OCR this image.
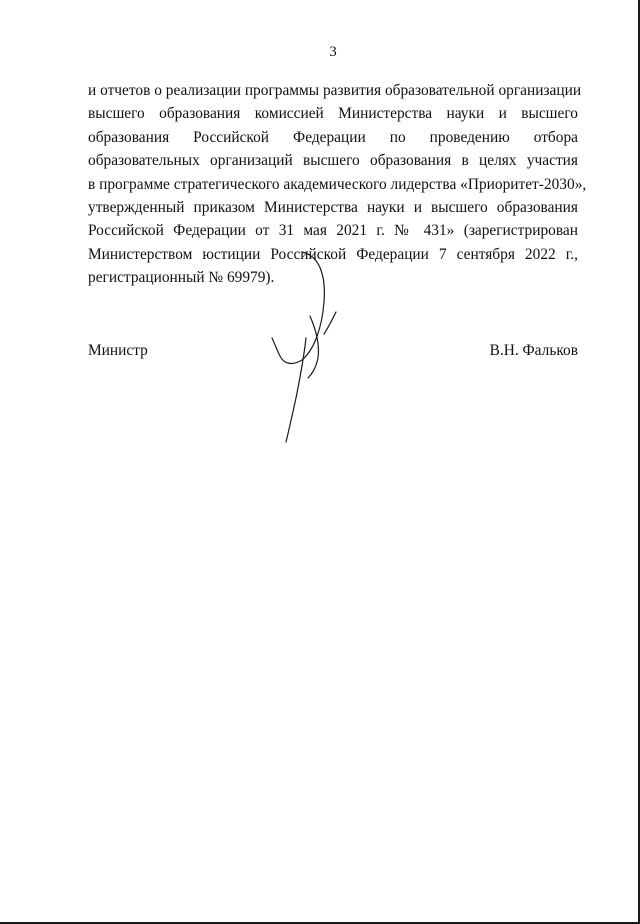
3

и отчетов о реализации программы развития образовательной организации
высшего образования комиссией Министерства науки и высшего
образования Российской Федерации по проведению отбора
образовательных организаций высшего образования в целях участия
в программе стратегического академического лидерства «Приоритет-2030»,
утвержденный приказом Министерства науки и высшего образования
Российской Федерации от 31 мая 2021 г. № 431» (зарегистрирован
Министерством юстиции Российской Федерации 7 сентября 2022 г.,
регистрационный № 69979).

Министр	В.Н. Фальков
